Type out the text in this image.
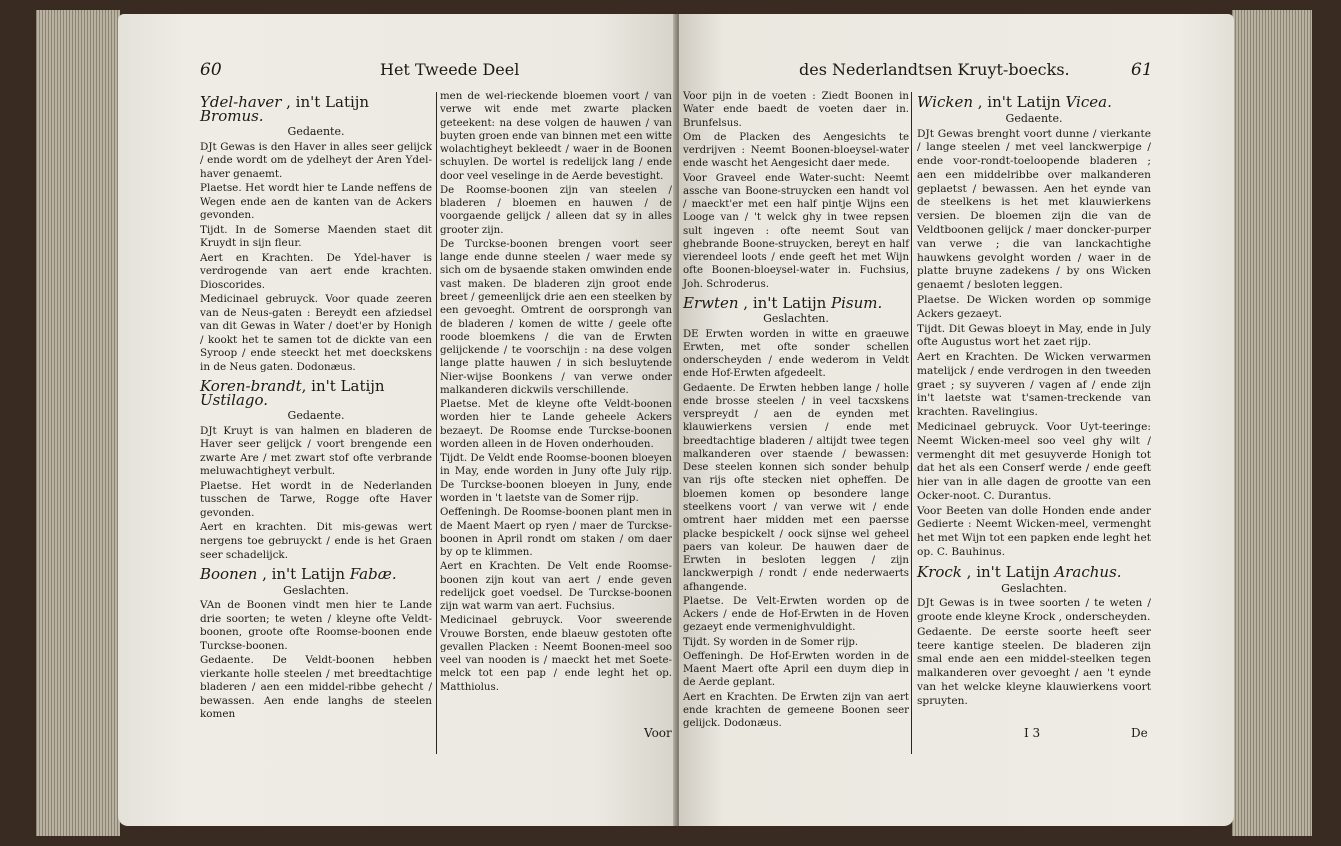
60	Het Tweede Deel
Ydel-haver , in't Latijn Bromus.
Gedaente.

DJt Gewas is den Haver in alles seer gelijck / ende wordt om de ydelheyt der Aren Ydel-haver genaemt.

Plaetse. Het wordt hier te Lande neffens de Wegen ende aen de kanten van de Ackers gevonden.

Tijdt. In de Somerse Maenden staet dit Kruydt in sijn fleur.

Aert en Krachten. De Ydel-haver is verdrogende van aert ende krachten. Dioscorides.

Medicinael gebruyck. Voor quade zeeren van de Neus-gaten : Bereydt een afziedsel van dit Gewas in Water / doet'er by Honigh / kookt het te samen tot de dickte van een Syroop / ende steeckt het met doeckskens in de Neus gaten. Dodonæus.

Koren-brandt, in't Latijn Ustilago.
Gedaente.

DJt Kruyt is van halmen en bladeren de Haver seer gelijck / voort brengende een zwarte Are / met zwart stof ofte verbrande meluwachtigheyt verbult.

Plaetse. Het wordt in de Nederlanden tusschen de Tarwe, Rogge ofte Haver gevonden.

Aert en krachten. Dit mis-gewas wert nergens toe gebruyckt / ende is het Graen seer schadelijck.

Boonen , in't Latijn Fabæ.
Geslachten.

VAn de Boonen vindt men hier te Lande drie soorten; te weten / kleyne ofte Veldt-boonen, groote ofte Roomse-boonen ende Turckse-boonen.

Gedaente. De Veldt-boonen hebben vierkante holle steelen / met breedtachtige bladeren / aen een middel-ribbe gehecht / bewassen. Aen ende langhs de steelen komen

men de wel-rieckende bloemen voort / van verwe wit ende met zwarte placken geteekent: na dese volgen de hauwen / van buyten groen ende van binnen met een witte wolachtigheyt bekleedt / waer in de Boonen schuylen. De wortel is redelijck lang / ende door veel veselinge in de Aerde bevestight.

De Roomse-boonen zijn van steelen / bladeren / bloemen en hauwen / de voorgaende gelijck / alleen dat sy in alles grooter zijn.

De Turckse-boonen brengen voort seer lange ende dunne steelen / waer mede sy sich om de bysaende staken omwinden ende vast maken. De bladeren zijn groot ende breet / gemeenlijck drie aen een steelken by een gevoeght. Omtrent de oorsprongh van de bladeren / komen de witte / geele ofte roode bloemkens / die van de Erwten gelijckende / te voorschijn : na dese volgen lange platte hauwen / in sich besluytende Nier-wijse Boonkens / van verwe onder malkanderen dickwils verschillende.

Plaetse. Met de kleyne ofte Veldt-boonen worden hier te Lande geheele Ackers bezaeyt. De Roomse ende Turckse-boonen worden alleen in de Hoven onderhouden.

Tijdt. De Veldt ende Roomse-boonen bloeyen in May, ende worden in Juny ofte July rijp. De Turckse-boonen bloeyen in Juny, ende worden in 't laetste van de Somer rijp.

Oeffeningh. De Roomse-boonen plant men in de Maent Maert op ryen / maer de Turckse-boonen in April rondt om staken / om daer by op te klimmen.

Aert en Krachten. De Velt ende Roomse-boonen zijn kout van aert / ende geven redelijck goet voedsel. De Turckse-boonen zijn wat warm van aert. Fuchsius.

Medicinael gebruyck. Voor sweerende Vrouwe Borsten, ende blaeuw gestoten ofte gevallen Placken : Neemt Boonen-meel soo veel van nooden is / maeckt het met Soete-melck tot een pap / ende leght het op. Matthiolus.

Voor
des Nederlandtsen Kruyt-boecks.	61

Voor pijn in de voeten : Ziedt Boonen in Water ende baedt de voeten daer in. Brunfelsus.

Om de Placken des Aengesichts te verdrijven : Neemt Boonen-bloeysel-water ende wascht het Aengesicht daer mede.

Voor Graveel ende Water-sucht: Neemt assche van Boone-struycken een handt vol / maeckt'er met een half pintje Wijns een Looge van / 't welck ghy in twee repsen sult ingeven : ofte neemt Sout van ghebrande Boone-struycken, bereyt en half vierendeel loots / ende geeft het met Wijn ofte Boonen-bloeysel-water in. Fuchsius, Joh. Schroderus.

Erwten , in't Latijn Pisum.
Geslachten.

DE Erwten worden in witte en graeuwe Erwten, met ofte sonder schellen onderscheyden / ende wederom in Veldt ende Hof-Erwten afgedeelt.

Gedaente. De Erwten hebben lange / holle ende brosse steelen / in veel tacxskens verspreydt / aen de eynden met klauwierkens versien / ende met breedtachtige bladeren / altijdt twee tegen malkanderen over staende / bewassen: Dese steelen konnen sich sonder behulp van rijs ofte stecken niet opheffen. De bloemen komen op besondere lange steelkens voort / van verwe wit / ende omtrent haer midden met een paersse placke bespickelt / oock sijnse wel geheel paers van koleur. De hauwen daer de Erwten in besloten leggen / zijn lanckwerpigh / rondt / ende nederwaerts afhangende.

Plaetse. De Velt-Erwten worden op de Ackers / ende de Hof-Erwten in de Hoven gezaeyt ende vermenighvuldight.

Tijdt. Sy worden in de Somer rijp.

Oeffeningh. De Hof-Erwten worden in de Maent Maert ofte April een duym diep in de Aerde geplant.

Aert en Krachten. De Erwten zijn van aert ende krachten de gemeene Boonen seer gelijck. Dodonæus.

Wicken , in't Latijn Vicea.
Gedaente.

DJt Gewas brenght voort dunne / vierkante / lange steelen / met veel lanckwerpige / ende voor-rondt-toeloopende bladeren ; aen een middelribbe over malkanderen geplaetst / bewassen. Aen het eynde van de steelkens is het met klauwierkens versien. De bloemen zijn die van de Veldtboonen gelijck / maer doncker-purper van verwe ; die van lanckachtighe hauwkens gevolght worden / waer in de platte bruyne zadekens / by ons Wicken genaemt / besloten leggen.

Plaetse. De Wicken worden op sommige Ackers gezaeyt.

Tijdt. Dit Gewas bloeyt in May, ende in July ofte Augustus wort het zaet rijp.

Aert en Krachten. De Wicken verwarmen matelijck / ende verdrogen in den tweeden graet ; sy suyveren / vagen af / ende zijn in't laetste wat t'samen-treckende van krachten. Ravelingius.

Medicinael gebruyck. Voor Uyt-teeringe: Neemt Wicken-meel soo veel ghy wilt / vermenght dit met gesuyverde Honigh tot dat het als een Conserf werde / ende geeft hier van in alle dagen de grootte van een Ocker-noot. C. Durantus.

Voor Beeten van dolle Honden ende ander Gedierte : Neemt Wicken-meel, vermenght het met Wijn tot een papken ende leght het op. C. Bauhinus.

Krock , in't Latijn Arachus.
Geslachten.

DJt Gewas is in twee soorten / te weten / groote ende kleyne Krock , onderscheyden.

Gedaente. De eerste soorte heeft seer teere kantige steelen. De bladeren zijn smal ende aen een middel-steelken tegen malkanderen over gevoeght / aen 't eynde van het welcke kleyne klauwierkens voort spruyten.

I 3	De
